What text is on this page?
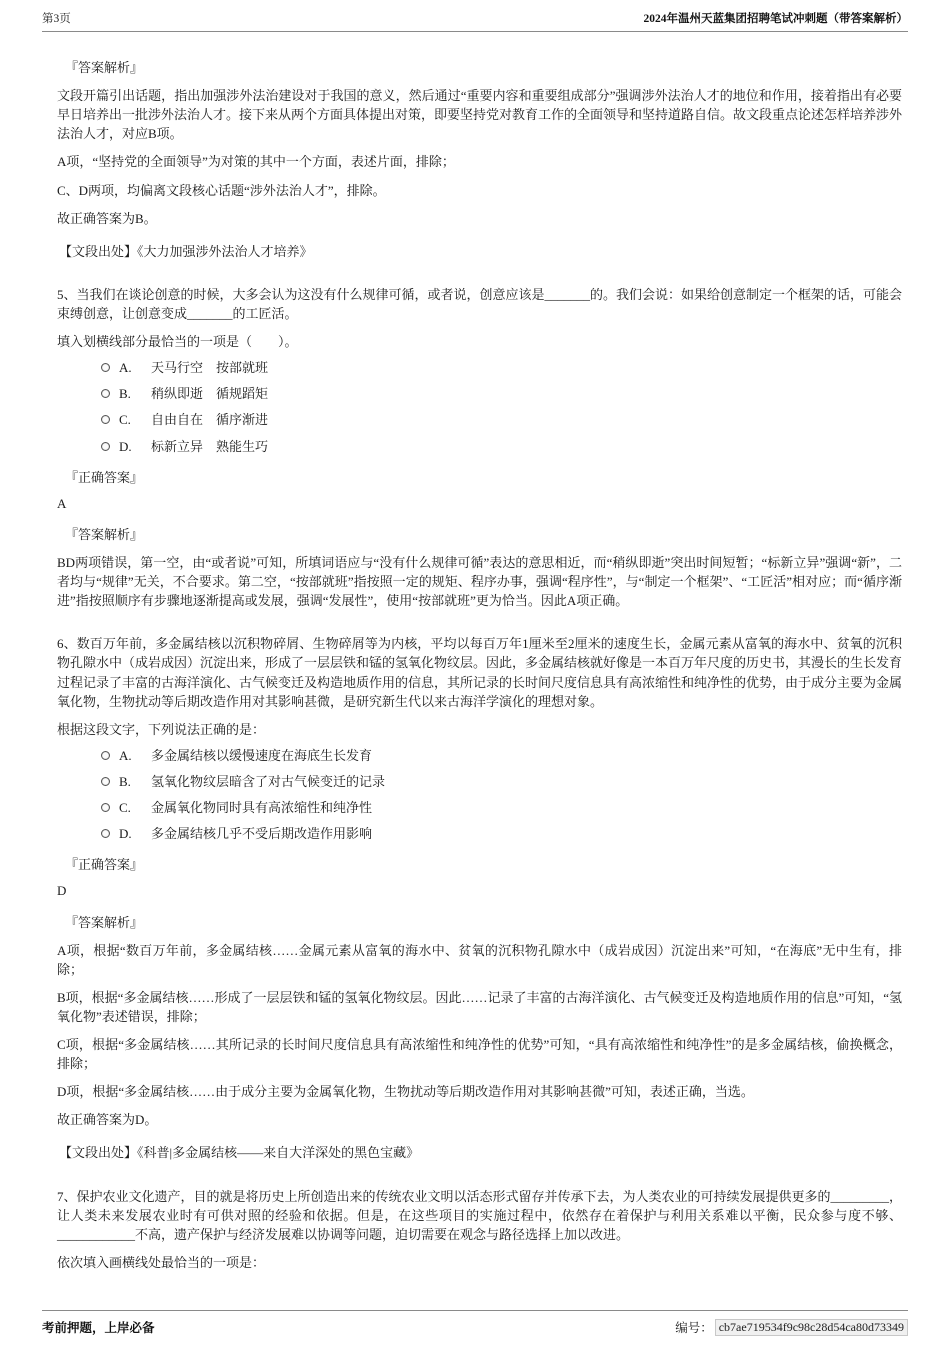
第3页	2024年温州天蓝集团招聘笔试冲刺题（带答案解析）
『答案解析』
文段开篇引出话题，指出加强涉外法治建设对于我国的意义，然后通过“重要内容和重要组成部分”强调涉外法治人才的地位和作用，接着指出有必要早日培养出一批涉外法治人才。接下来从两个方面具体提出对策，即要坚持党对教育工作的全面领导和坚持道路自信。故文段重点论述怎样培养涉外法治人才，对应B项。
A项，“坚持党的全面领导”为对策的其中一个方面，表述片面，排除；
C、D两项，均偏离文段核心话题“涉外法治人才”，排除。
故正确答案为B。
【文段出处】《大力加强涉外法治人才培养》
5、当我们在谈论创意的时候，大多会认为这没有什么规律可循，或者说，创意应该是_______的。我们会说：如果给创意制定一个框架的话，可能会束缚创意，让创意变成_______的工匠活。
填入划横线部分最恰当的一项是（　　）。
A.	天马行空　按部就班
B.	稍纵即逝　循规蹈矩
C.	自由自在　循序渐进
D.	标新立异　熟能生巧
『正确答案』
A
『答案解析』
BD两项错误，第一空，由“或者说”可知，所填词语应与“没有什么规律可循”表达的意思相近，而“稍纵即逝”突出时间短暂；“标新立异”强调“新”，二者均与“规律”无关，不合要求。第二空，“按部就班”指按照一定的规矩、程序办事，强调“程序性”，与“制定一个框架”、“工匠活”相对应；而“循序渐进”指按照顺序有步骤地逐渐提高或发展，强调“发展性”，使用“按部就班”更为恰当。因此A项正确。
6、数百万年前，多金属结核以沉积物碎屑、生物碎屑等为内核，平均以每百万年1厘米至2厘米的速度生长，金属元素从富氧的海水中、贫氧的沉积物孔隙水中（成岩成因）沉淀出来，形成了一层层铁和锰的氢氧化物纹层。因此，多金属结核就好像是一本百万年尺度的历史书，其漫长的生长发育过程记录了丰富的古海洋演化、古气候变迁及构造地质作用的信息，其所记录的长时间尺度信息具有高浓缩性和纯净性的优势，由于成分主要为金属氧化物，生物扰动等后期改造作用对其影响甚微，是研究新生代以来古海洋学演化的理想对象。
根据这段文字，下列说法正确的是：
A.	多金属结核以缓慢速度在海底生长发育
B.	氢氧化物纹层暗含了对古气候变迁的记录
C.	金属氧化物同时具有高浓缩性和纯净性
D.	多金属结核几乎不受后期改造作用影响
『正确答案』
D
『答案解析』
A项，根据“数百万年前，多金属结核……金属元素从富氧的海水中、贫氧的沉积物孔隙水中（成岩成因）沉淀出来”可知，“在海底”无中生有，排除；
B项，根据“多金属结核……形成了一层层铁和锰的氢氧化物纹层。因此……记录了丰富的古海洋演化、古气候变迁及构造地质作用的信息”可知，“氢氧化物”表述错误，排除；
C项，根据“多金属结核……其所记录的长时间尺度信息具有高浓缩性和纯净性的优势”可知，“具有高浓缩性和纯净性”的是多金属结核，偷换概念，排除；
D项，根据“多金属结核……由于成分主要为金属氧化物，生物扰动等后期改造作用对其影响甚微”可知，表述正确，当选。
故正确答案为D。
【文段出处】《科普|多金属结核——来自大洋深处的黑色宝藏》
7、保护农业文化遗产，目的就是将历史上所创造出来的传统农业文明以活态形式留存并传承下去，为人类农业的可持续发展提供更多的_________，让人类未来发展农业时有可供对照的经验和依据。但是，在这些项目的实施过程中，依然存在着保护与利用关系难以平衡，民众参与度不够、____________不高，遗产保护与经济发展难以协调等问题，迫切需要在观念与路径选择上加以改进。
依次填入画横线处最恰当的一项是：
考前押题，上岸必备	编号： cb7ae719534f9c98c28d54ca80d73349
